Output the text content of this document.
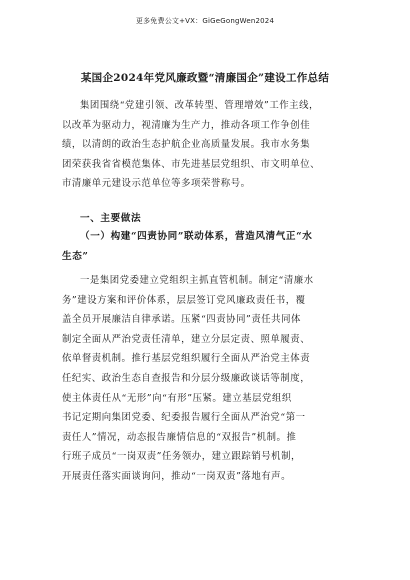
更多免费公文+VX：GiGeGongWen2024
某国企2024年党风廉政暨“清廉国企”建设工作总结
集团围绕“党建引领、改革转型、管理增效”工作主线，
以改革为驱动力，视清廉为生产力，推动各项工作争创佳
绩，以清朗的政治生态护航企业高质量发展。我市水务集
团荣获我省省模范集体、市先进基层党组织、市文明单位、
市清廉单元建设示范单位等多项荣誉称号。
一、主要做法
（一）构建“四责协同”联动体系，营造风清气正“水
生态”
一是集团党委建立党组织主抓直管机制。制定“清廉水
务”建设方案和评价体系，层层签订党风廉政责任书，覆
盖全员开展廉洁自律承诺。压紧“四责协同”责任共同体
制定全面从严治党责任清单，建立分层定责、照单履责、
依单督责机制。推行基层党组织履行全面从严治党主体责
任纪实、政治生态自查报告和分层分级廉政谈话等制度，
使主体责任从“无形”向“有形”压紧。建立基层党组织
书记定期向集团党委、纪委报告履行全面从严治党“第一
责任人”情况，动态报告廉情信息的“双报告”机制。推
行班子成员“一岗双责”任务领办，建立跟踪销号机制，
开展责任落实面谈询问，推动“一岗双责”落地有声。
